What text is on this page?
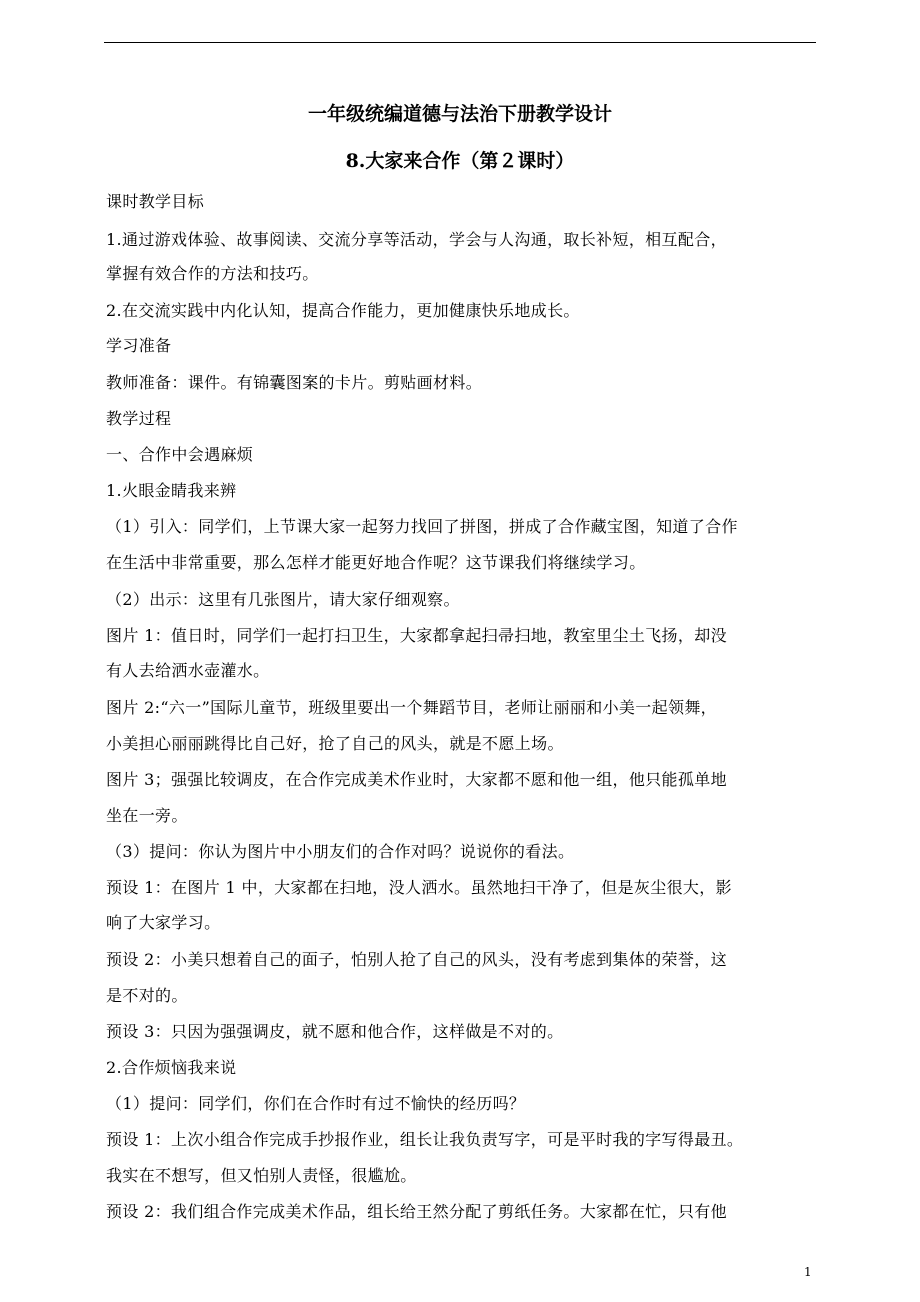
一年级统编道德与法治下册教学设计
8.大家来合作（第２课时）
课时教学目标
1.通过游戏体验、故事阅读、交流分享等活动，学会与人沟通，取长补短，相互配合，
掌握有效合作的方法和技巧。
2.在交流实践中内化认知，提高合作能力，更加健康快乐地成长。
学习准备
教师准备：课件。有锦囊图案的卡片。剪贴画材料。
教学过程
一、合作中会遇麻烦
1.火眼金睛我来辨
（1）引入：同学们，上节课大家一起努力找回了拼图，拼成了合作藏宝图，知道了合作
在生活中非常重要，那么怎样才能更好地合作呢？这节课我们将继续学习。
（2）出示：这里有几张图片，请大家仔细观察。
图片 1：值日时，同学们一起打扫卫生，大家都拿起扫帚扫地，教室里尘土飞扬，却没
有人去给洒水壶灌水。
图片 2:“六一”国际儿童节，班级里要出一个舞蹈节目，老师让丽丽和小美一起领舞，
小美担心丽丽跳得比自己好，抢了自己的风头，就是不愿上场。
图片 3；强强比较调皮，在合作完成美术作业时，大家都不愿和他一组，他只能孤单地
坐在一旁。
（3）提问：你认为图片中小朋友们的合作对吗？说说你的看法。
预设 1：在图片 1 中，大家都在扫地，没人洒水。虽然地扫干净了，但是灰尘很大，影
响了大家学习。
预设 2：小美只想着自己的面子，怕别人抢了自己的风头，没有考虑到集体的荣誉，这
是不对的。
预设 3：只因为强强调皮，就不愿和他合作，这样做是不对的。
2.合作烦恼我来说
（1）提问：同学们，你们在合作时有过不愉快的经历吗？
预设 1：上次小组合作完成手抄报作业，组长让我负责写字，可是平时我的字写得最丑。
我实在不想写，但又怕别人责怪，很尴尬。
预设 2：我们组合作完成美术作品，组长给王然分配了剪纸任务。大家都在忙，只有他
1
